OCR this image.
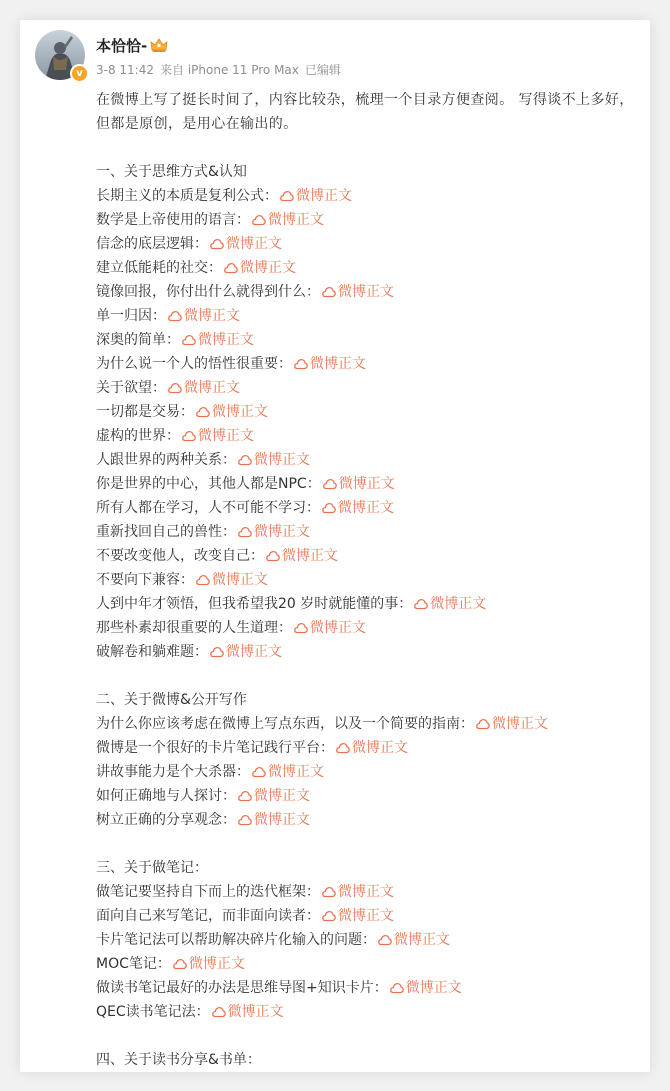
v
本恰恰-
3-8 11:42 来自 iPhone 11 Pro Max 已编辑
在微博上写了挺长时间了，内容比较杂，梳理一个目录方便查阅。 写得谈不上多好，但都是原创，是用心在输出的。
一、关于思维方式&认知
长期主义的本质是复利公式： 微博正文
数学是上帝使用的语言： 微博正文
信念的底层逻辑： 微博正文
建立低能耗的社交： 微博正文
镜像回报，你付出什么就得到什么： 微博正文
单一归因： 微博正文
深奥的简单： 微博正文
为什么说一个人的悟性很重要： 微博正文
关于欲望： 微博正文
一切都是交易： 微博正文
虚构的世界： 微博正文
人跟世界的两种关系： 微博正文
你是世界的中心，其他人都是NPC： 微博正文
所有人都在学习，人不可能不学习： 微博正文
重新找回自己的兽性： 微博正文
不要改变他人，改变自己： 微博正文
不要向下兼容： 微博正文
人到中年才领悟，但我希望我20 岁时就能懂的事： 微博正文
那些朴素却很重要的人生道理： 微博正文
破解卷和躺难题： 微博正文
二、关于微博&公开写作
为什么你应该考虑在微博上写点东西，以及一个简要的指南： 微博正文
微博是一个很好的卡片笔记践行平台： 微博正文
讲故事能力是个大杀器： 微博正文
如何正确地与人探讨： 微博正文
树立正确的分享观念： 微博正文
三、关于做笔记：
做笔记要坚持自下而上的迭代框架： 微博正文
面向自己来写笔记，而非面向读者： 微博正文
卡片笔记法可以帮助解决碎片化输入的问题： 微博正文
MOC笔记： 微博正文
做读书笔记最好的办法是思维导图+知识卡片： 微博正文
QEC读书笔记法： 微博正文
四、关于读书分享&书单：
